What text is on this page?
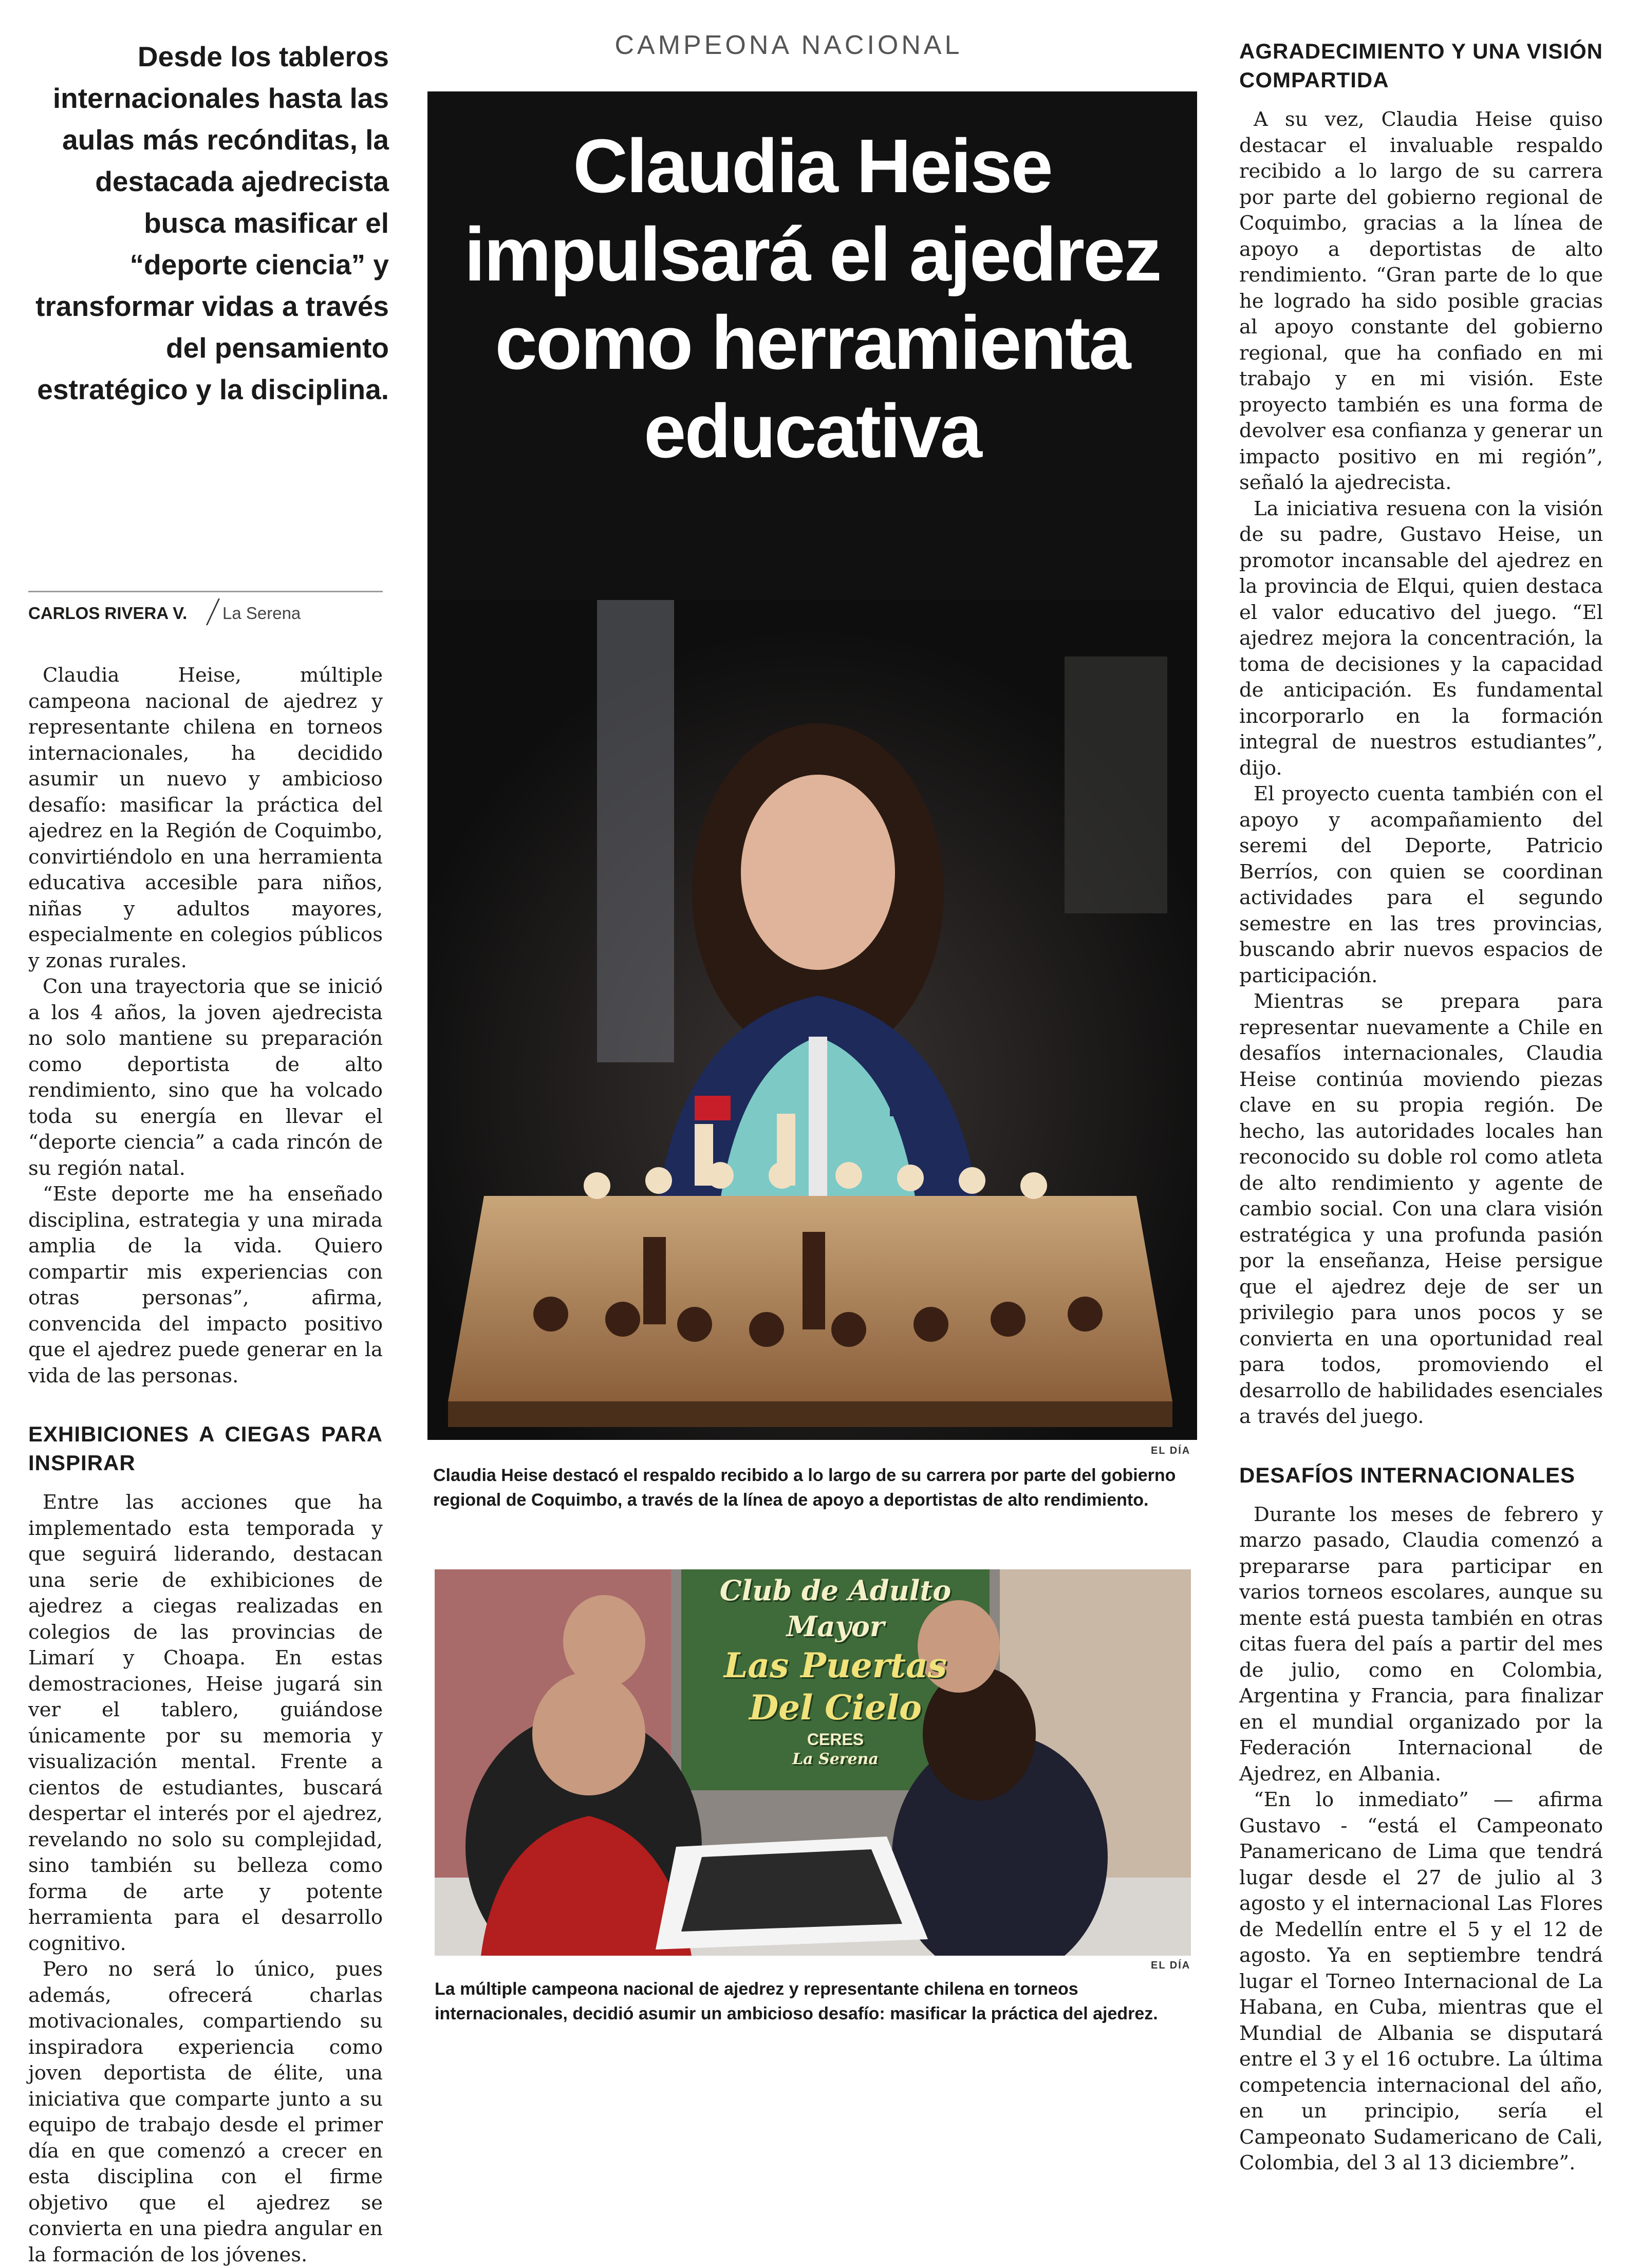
CAMPEONA NACIONAL
Desde los tableros internacionales hasta las aulas más recónditas, la destacada ajedrecista busca masificar el “deporte ciencia” y transformar vidas a través del pensamiento estratégico y la disciplina.
CARLOS RIVERA V. La Serena

Claudia Heise, múltiple campeona nacional de ajedrez y representante chilena en torneos internacionales, ha decidido asumir un nuevo y ambicioso desafío: masificar la práctica del ajedrez en la Región de Coquimbo, convirtiéndolo en una herramienta educativa accesible para niños, niñas y adultos mayores, especialmente en colegios públicos y zonas rurales.

Con una trayectoria que se inició a los 4 años, la joven ajedrecista no solo mantiene su preparación como deportista de alto rendimiento, sino que ha volcado toda su energía en llevar el “deporte ciencia” a cada rincón de su región natal.

“Este deporte me ha enseñado disciplina, estrategia y una mirada amplia de la vida. Quiero compartir mis experiencias con otras personas”, afirma, convencida del impacto positivo que el ajedrez puede generar en la vida de las personas.

EXHIBICIONES A CIEGAS PARA INSPIRAR

Entre las acciones que ha implementado esta temporada y que seguirá liderando, destacan una serie de exhibiciones de ajedrez a ciegas realizadas en colegios de las provincias de Limarí y Choapa. En estas demostraciones, Heise jugará sin ver el tablero, guiándose únicamente por su memoria y visualización mental. Frente a cientos de estudiantes, buscará despertar el interés por el ajedrez, revelando no solo su complejidad, sino también su belleza como forma de arte y potente herramienta para el desarrollo cognitivo.

Pero no será lo único, pues además, ofrecerá charlas motivacionales, compartiendo su inspiradora experiencia como joven deportista de élite, una iniciativa que comparte junto a su equipo de trabajo desde el primer día en que comenzó a crecer en esta disciplina con el firme objetivo que el ajedrez se convierta en una piedra angular en la formación de los jóvenes.

Claudia Heise impulsará el ajedrez como herramienta educativa
EL DÍA
Claudia Heise destacó el respaldo recibido a lo largo de su carrera por parte del gobierno regional de Coquimbo, a través de la línea de apoyo a deportistas de alto rendimiento.
Club de Adulto
Mayor
Las Puertas
Del Cielo
CERES
La Serena
EL DÍA
La múltiple campeona nacional de ajedrez y representante chilena en torneos internacionales, decidió asumir un ambicioso desafío: masificar la práctica del ajedrez.
AGRADECIMIENTO Y UNA VISIÓN COMPARTIDA

A su vez, Claudia Heise quiso destacar el invaluable respaldo recibido a lo largo de su carrera por parte del gobierno regional de Coquimbo, gracias a la línea de apoyo a deportistas de alto rendimiento. “Gran parte de lo que he logrado ha sido posible gracias al apoyo constante del gobierno regional, que ha confiado en mi trabajo y en mi visión. Este proyecto también es una forma de devolver esa confianza y generar un impacto positivo en mi región”, señaló la ajedrecista.

La iniciativa resuena con la visión de su padre, Gustavo Heise, un promotor incansable del ajedrez en la provincia de Elqui, quien destaca el valor educativo del juego. “El ajedrez mejora la concentración, la toma de decisiones y la capacidad de anticipación. Es fundamental incorporarlo en la formación integral de nuestros estudiantes”, dijo.

El proyecto cuenta también con el apoyo y acompañamiento del seremi del Deporte, Patricio Berríos, con quien se coordinan actividades para el segundo semestre en las tres provincias, buscando abrir nuevos espacios de participación.

Mientras se prepara para representar nuevamente a Chile en desafíos internacionales, Claudia Heise continúa moviendo piezas clave en su propia región. De hecho, las autoridades locales han reconocido su doble rol como atleta de alto rendimiento y agente de cambio social. Con una clara visión estratégica y una profunda pasión por la enseñanza, Heise persigue que el ajedrez deje de ser un privilegio para unos pocos y se convierta en una oportunidad real para todos, promoviendo el desarrollo de habilidades esenciales a través del juego.

DESAFÍOS INTERNACIONALES

Durante los meses de febrero y marzo pasado, Claudia comenzó a prepararse para participar en varios torneos escolares, aunque su mente está puesta también en otras citas fuera del país a partir del mes de julio, como en Colombia, Argentina y Francia, para finalizar en el mundial organizado por la Federación Internacional de Ajedrez, en Albania.

“En lo inmediato” — afirma Gustavo - “está el Campeonato Panamericano de Lima que tendrá lugar desde el 27 de julio al 3 agosto y el internacional Las Flores de Medellín entre el 5 y el 12 de agosto. Ya en septiembre tendrá lugar el Torneo Internacional de La Habana, en Cuba, mientras que el Mundial de Albania se disputará entre el 3 y el 16 octubre. La última competencia internacional del año, en un principio, sería el Campeonato Sudamericano de Cali, Colombia, del 3 al 13 diciembre”.
